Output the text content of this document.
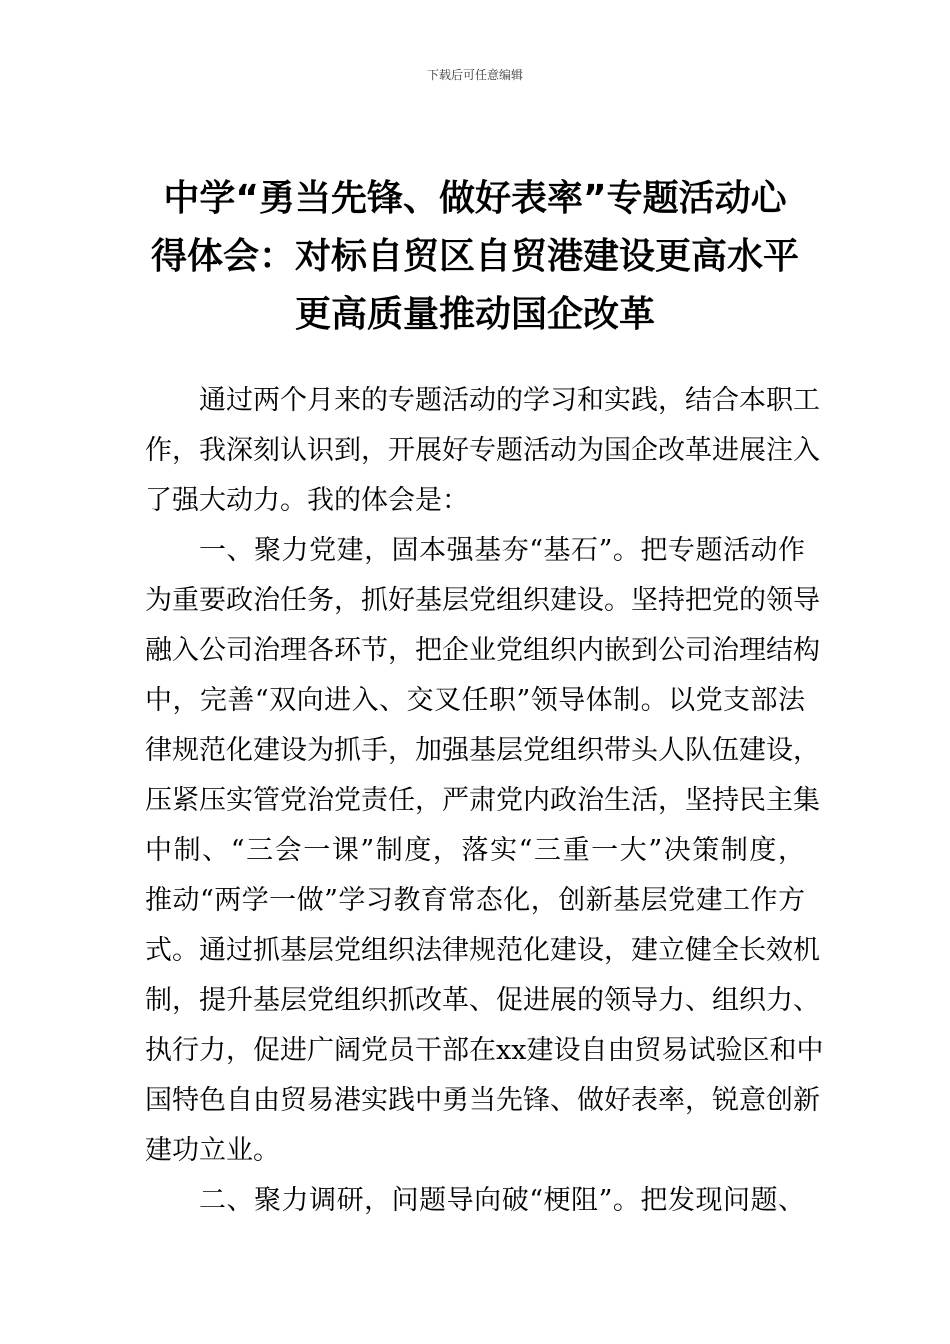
下载后可任意编辑
中学“勇当先锋、做好表率”专题活动心
得体会：对标自贸区自贸港建设更高水平
更高质量推动国企改革

通过两个月来的专题活动的学习和实践，结合本职工
作，我深刻认识到，开展好专题活动为国企改革进展注入
了强大动力。我的体会是：

一、聚力党建，固本强基夯“基石”。把专题活动作
为重要政治任务，抓好基层党组织建设。坚持把党的领导
融入公司治理各环节，把企业党组织内嵌到公司治理结构
中，完善“双向进入、交叉任职”领导体制。以党支部法
律规范化建设为抓手，加强基层党组织带头人队伍建设，
压紧压实管党治党责任，严肃党内政治生活，坚持民主集
中制、“三会一课”制度，落实“三重一大”决策制度，
推动“两学一做”学习教育常态化，创新基层党建工作方
式。通过抓基层党组织法律规范化建设，建立健全长效机
制，提升基层党组织抓改革、促进展的领导力、组织力、
执行力，促进广阔党员干部在xx建设自由贸易试验区和中
国特色自由贸易港实践中勇当先锋、做好表率，锐意创新
建功立业。

二、聚力调研，问题导向破“梗阻”。把发现问题、
